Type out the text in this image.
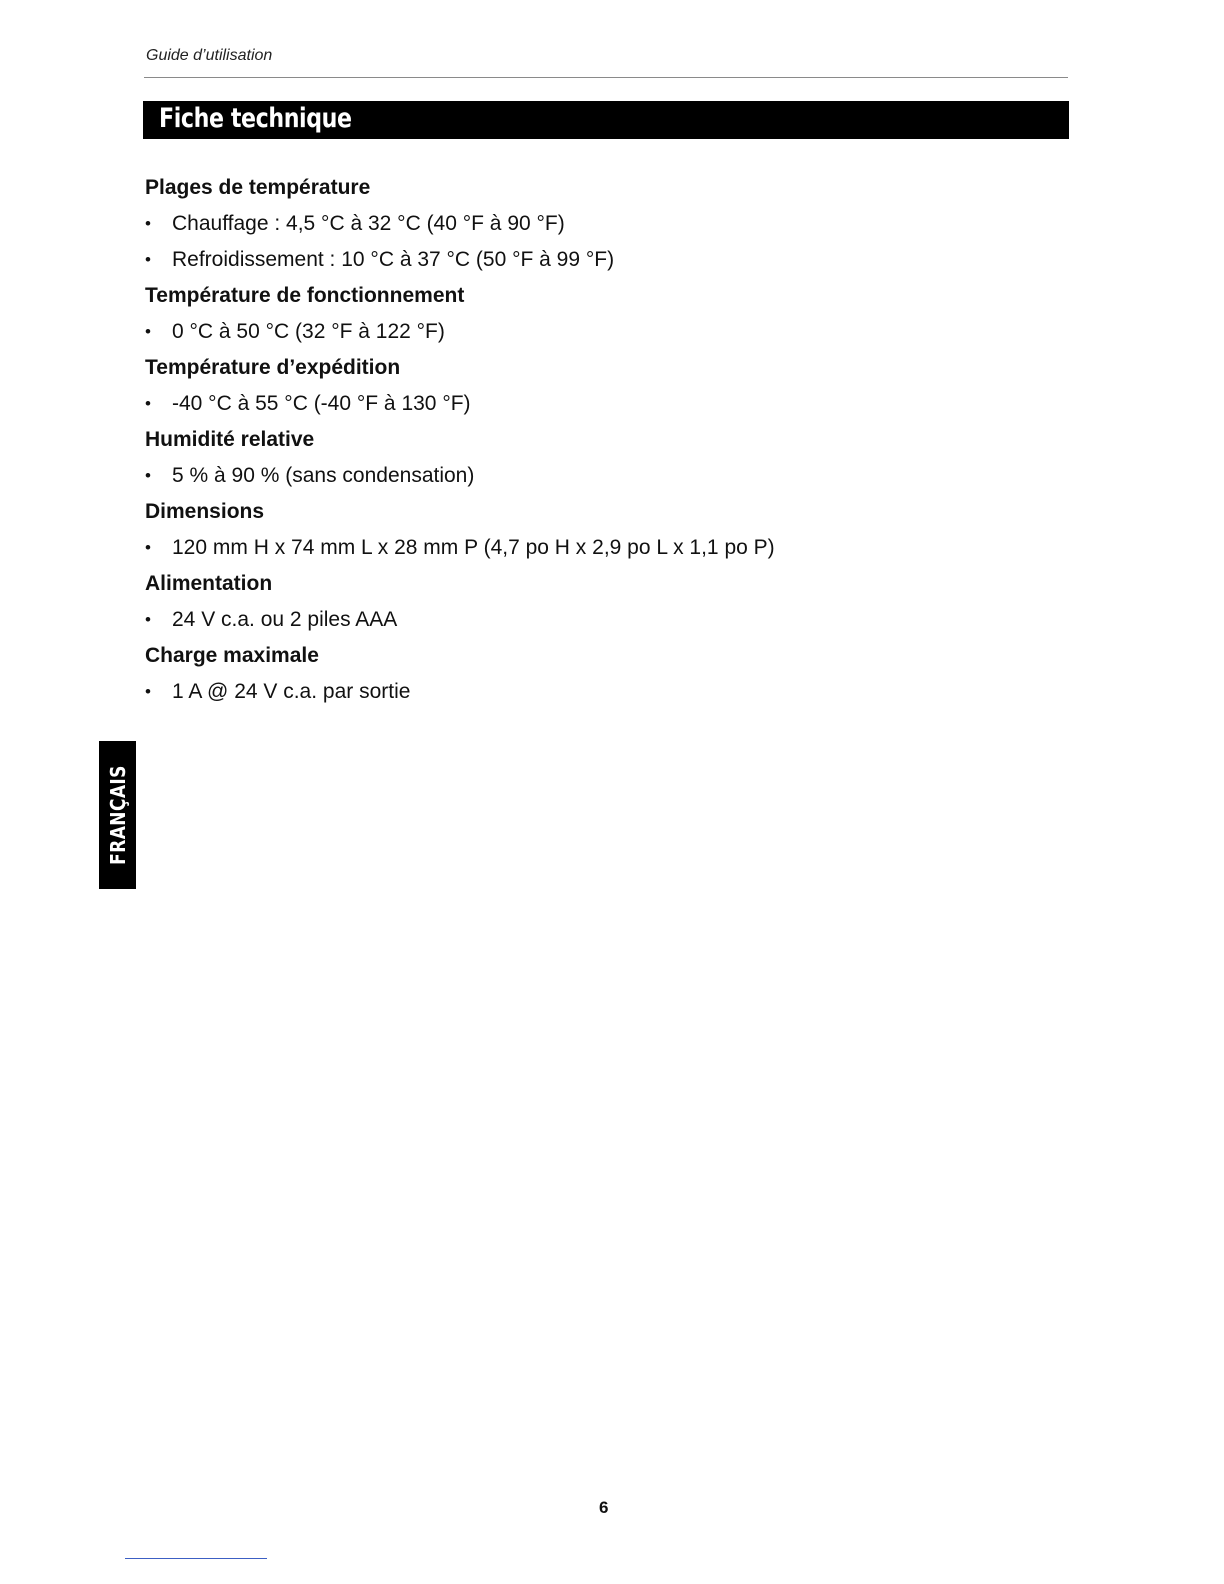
Guide d’utilisation
Fiche technique
Plages de température
• Chauffage : 4,5 °C à 32 °C (40 °F à 90 °F)
• Refroidissement : 10 °C à 37 °C (50 °F à 99 °F)
Température de fonctionnement
• 0 °C à 50 °C (32 °F à 122 °F)
Température d’expédition
• -40 °C à 55 °C (-40 °F à 130 °F)
Humidité relative
• 5 % à 90 % (sans condensation)
Dimensions
• 120 mm H x 74 mm L x 28 mm P (4,7 po H x 2,9 po L x 1,1 po P)
Alimentation
• 24 V c.a. ou 2 piles AAA
Charge maximale
• 1 A @ 24 V c.a. par sortie
FRANÇAIS
6
